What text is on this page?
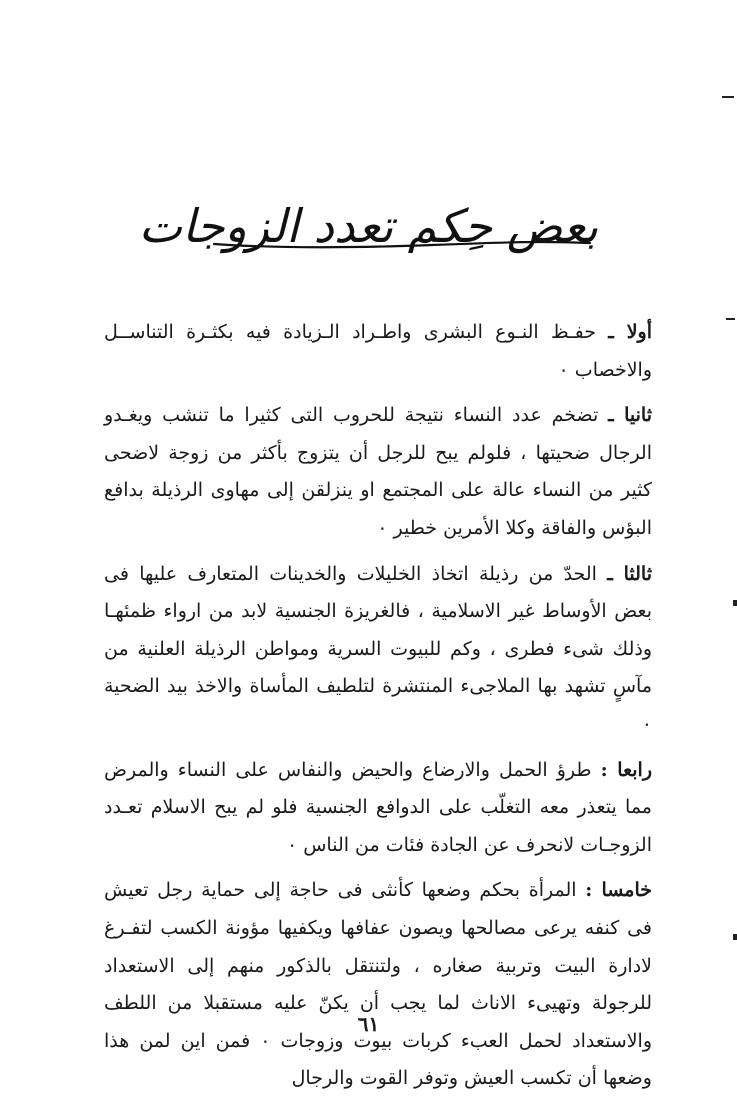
بعض حِكم تعدد الزوجات

أولا ـ حفـظ النـوع البشرى واطـراد الـزيادة فيه بكثـرة التناســل والاخصاب ٠

ثانيا ـ تضخم عدد النساء نتيجة للحروب التى كثيرا ما تنشب ويغـدو الرجال ضحيتها ، فلولم يبح للرجل أن يتزوج بأكثر من زوجة لاضحى كثير من النساء عالة على المجتمع او ينزلقن إلى مهاوى الرذيلة بدافع البؤس والفاقة وكلا الأمرين خطير ٠

ثالثا ـ الحدّ من رذيلة اتخاذ الخليلات والخدينات المتعارف عليها فى بعض الأوساط غير الاسلامية ، فالغريزة الجنسية لابد من ارواء ظمئهـا وذلك شىء فطرى ، وكم للبيوت السرية ومواطن الرذيلة العلنية من مآسٍ تشهد بها الملاجىء المنتشرة لتلطيف المأساة والاخذ بيد الضحية ٠

رابعا : طرؤ الحمل والارضاع والحيض والنفاس على النساء والمرض مما يتعذر معه التغلّب على الدوافع الجنسية فلو لم يبح الاسلام تعـدد الزوجـات لانحرف عن الجادة فئات من الناس ٠

خامسا : المرأة بحكم وضعها كأنثى فى حاجة إلى حماية رجل تعيش فى كنفه يرعى مصالحها ويصون عفافها ويكفيها مؤونة الكسب لتفـرغ لادارة البيت وتربية صغاره ، ولتنتقل بالذكور منهم إلى الاستعداد للرجولة وتهيىء الاناث لما يجب أن يكنّ عليه مستقبلا من اللطف والاستعداد لحمل العبء كربات بيوت وزوجات ٠ فمن اين لمن هذا وضعها أن تكسب العيش وتوفر القوت والرجال

٦١
